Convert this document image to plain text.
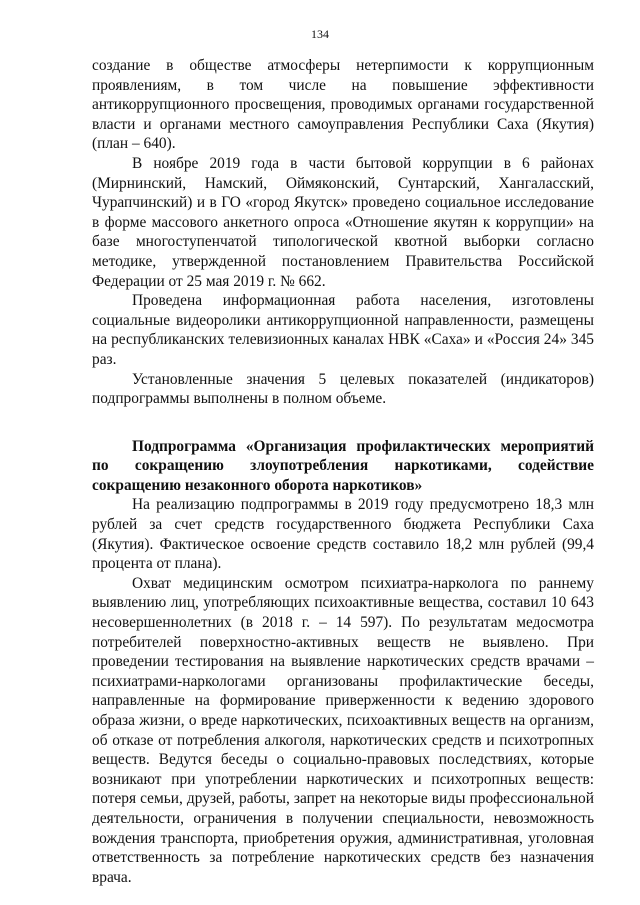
134

создание в обществе атмосферы нетерпимости к коррупционным проявлениям, в том числе на повышение эффективности антикоррупционного просвещения, проводимых органами государственной власти и органами местного самоуправления Республики Саха (Якутия) (план – 640).

В ноябре 2019 года в части бытовой коррупции в 6 районах (Мирнинский, Намский, Оймяконский, Сунтарский, Хангаласский, Чурапчинский) и в ГО «город Якутск» проведено социальное исследование в форме массового анкетного опроса «Отношение якутян к коррупции» на базе многоступенчатой типологической квотной выборки согласно методике, утвержденной постановлением Правительства Российской Федерации от 25 мая 2019 г. № 662.

Проведена информационная работа населения, изготовлены социальные видеоролики антикоррупционной направленности, размещены на республиканских телевизионных каналах НВК «Саха» и «Россия 24» 345 раз.

Установленные значения 5 целевых показателей (индикаторов) подпрограммы выполнены в полном объеме.

Подпрограмма «Организация профилактических мероприятий по сокращению злоупотребления наркотиками, содействие сокращению незаконного оборота наркотиков»

На реализацию подпрограммы в 2019 году предусмотрено 18,3 млн рублей за счет средств государственного бюджета Республики Саха (Якутия). Фактическое освоение средств составило 18,2 млн рублей (99,4 процента от плана).

Охват медицинским осмотром психиатра-нарколога по раннему выявлению лиц, употребляющих психоактивные вещества, составил 10 643 несовершеннолетних (в 2018 г. – 14 597). По результатам медосмотра потребителей поверхностно-активных веществ не выявлено. При проведении тестирования на выявление наркотических средств врачами – психиатрами-наркологами организованы профилактические беседы, направленные на формирование приверженности к ведению здорового образа жизни, о вреде наркотических, психоактивных веществ на организм, об отказе от потребления алкоголя, наркотических средств и психотропных веществ. Ведутся беседы о социально-правовых последствиях, которые возникают при употреблении наркотических и психотропных веществ: потеря семьи, друзей, работы, запрет на некоторые виды профессиональной деятельности, ограничения в получении специальности, невозможность вождения транспорта, приобретения оружия, административная, уголовная ответственность за потребление наркотических средств без назначения врача.
